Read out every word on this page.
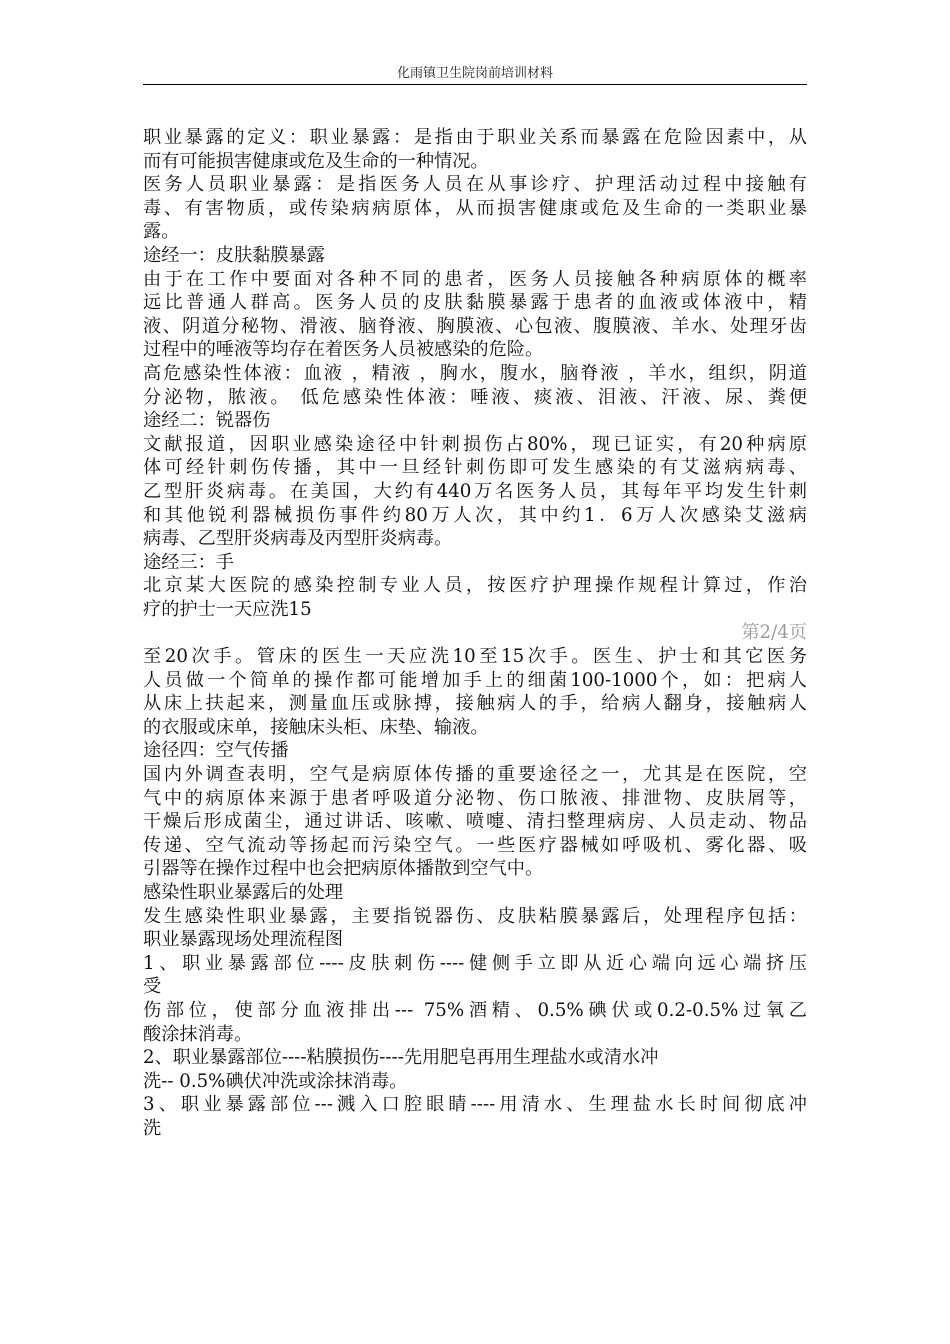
化雨镇卫生院岗前培训材料
职业暴露的定义：职业暴露：是指由于职业关系而暴露在危险因素中，从
而有可能损害健康或危及生命的一种情况。
医务人员职业暴露：是指医务人员在从事诊疗、护理活动过程中接触有
毒、有害物质，或传染病病原体，从而损害健康或危及生命的一类职业暴
露。
途经一：皮肤黏膜暴露
由于在工作中要面对各种不同的患者，医务人员接触各种病原体的概率
远比普通人群高。医务人员的皮肤黏膜暴露于患者的血液或体液中，精
液、阴道分秘物、滑液、脑脊液、胸膜液、心包液、腹膜液、羊水、处理牙齿
过程中的唾液等均存在着医务人员被感染的危险。
高危感染性体液：血液 ，精液 ，胸水，腹水，脑脊液 ，羊水，组织，阴道
分泌物，脓液。 低危感染性体液：唾液、痰液、泪液、汗液、尿、粪便
途经二：锐器伤
文献报道，因职业感染途径中针刺损伤占80%，现已证实，有20种病原
体可经针刺伤传播，其中一旦经针刺伤即可发生感染的有艾滋病病毒、
乙型肝炎病毒。在美国，大约有440万名医务人员，其每年平均发生针刺
和其他锐利器械损伤事件约80万人次，其中约1．6万人次感染艾滋病
病毒、乙型肝炎病毒及丙型肝炎病毒。
途经三：手
北京某大医院的感染控制专业人员，按医疗护理操作规程计算过，作治
疗的护士一天应洗15
第2/4页
至20次手。管床的医生一天应洗10至15次手。医生、护士和其它医务
人员做一个简单的操作都可能增加手上的细菌100-1000个，如：把病人
从床上扶起来，测量血压或脉搏，接触病人的手，给病人翻身，接触病人
的衣服或床单，接触床头柜、床垫、输液。
途径四：空气传播
国内外调查表明，空气是病原体传播的重要途径之一，尤其是在医院，空
气中的病原体来源于患者呼吸道分泌物、伤口脓液、排泄物、皮肤屑等，
干燥后形成菌尘，通过讲话、咳嗽、喷嚏、清扫整理病房、人员走动、物品
传递、空气流动等扬起而污染空气。一些医疗器械如呼吸机、雾化器、吸
引器等在操作过程中也会把病原体播散到空气中。
感染性职业暴露后的处理
发生感染性职业暴露，主要指锐器伤、皮肤粘膜暴露后，处理程序包括：
职业暴露现场处理流程图
1、职业暴露部位----皮肤刺伤----健侧手立即从近心端向远心端挤压
受
伤部位，使部分血液排出--- 75%酒精、0.5%碘伏或0.2-0.5%过氧乙
酸涂抹消毒。
2、职业暴露部位----粘膜损伤----先用肥皂再用生理盐水或清水冲
洗-- 0.5%碘伏冲洗或涂抹消毒。
3、职业暴露部位---溅入口腔眼睛----用清水、生理盐水长时间彻底冲
洗
